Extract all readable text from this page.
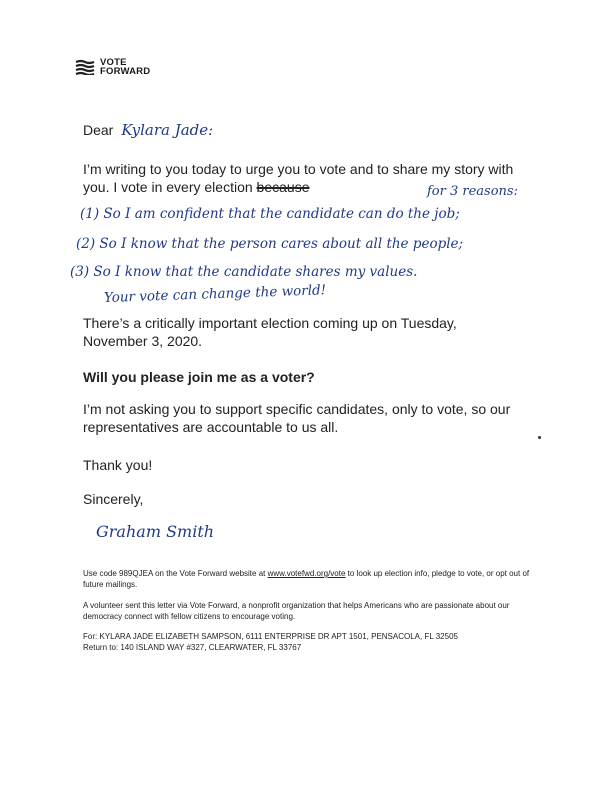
VOTE
FORWARD
Dear Kylara Jade:
I’m writing to you today to urge you to vote and to share my story with you. I vote in every election because	for 3 reasons:
(1) So I am confident that the candidate can do the job;
(2) So I know that the person cares about all the people;
(3) So I know that the candidate shares my values.
Your vote can change the world!
There’s a critically important election coming up on Tuesday, November 3, 2020.
Will you please join me as a voter?
I’m not asking you to support specific candidates, only to vote, so our representatives are accountable to us all.
Thank you!
Sincerely,
Graham Smith
Use code 989QJEA on the Vote Forward website at www.votefwd.org/vote to look up election info, pledge to vote, or opt out of future mailings.
A volunteer sent this letter via Vote Forward, a nonprofit organization that helps Americans who are passionate about our democracy connect with fellow citizens to encourage voting.
For: KYLARA JADE ELIZABETH SAMPSON, 6111 ENTERPRISE DR APT 1501, PENSACOLA, FL 32505
Return to: 140 ISLAND WAY #327, CLEARWATER, FL 33767
